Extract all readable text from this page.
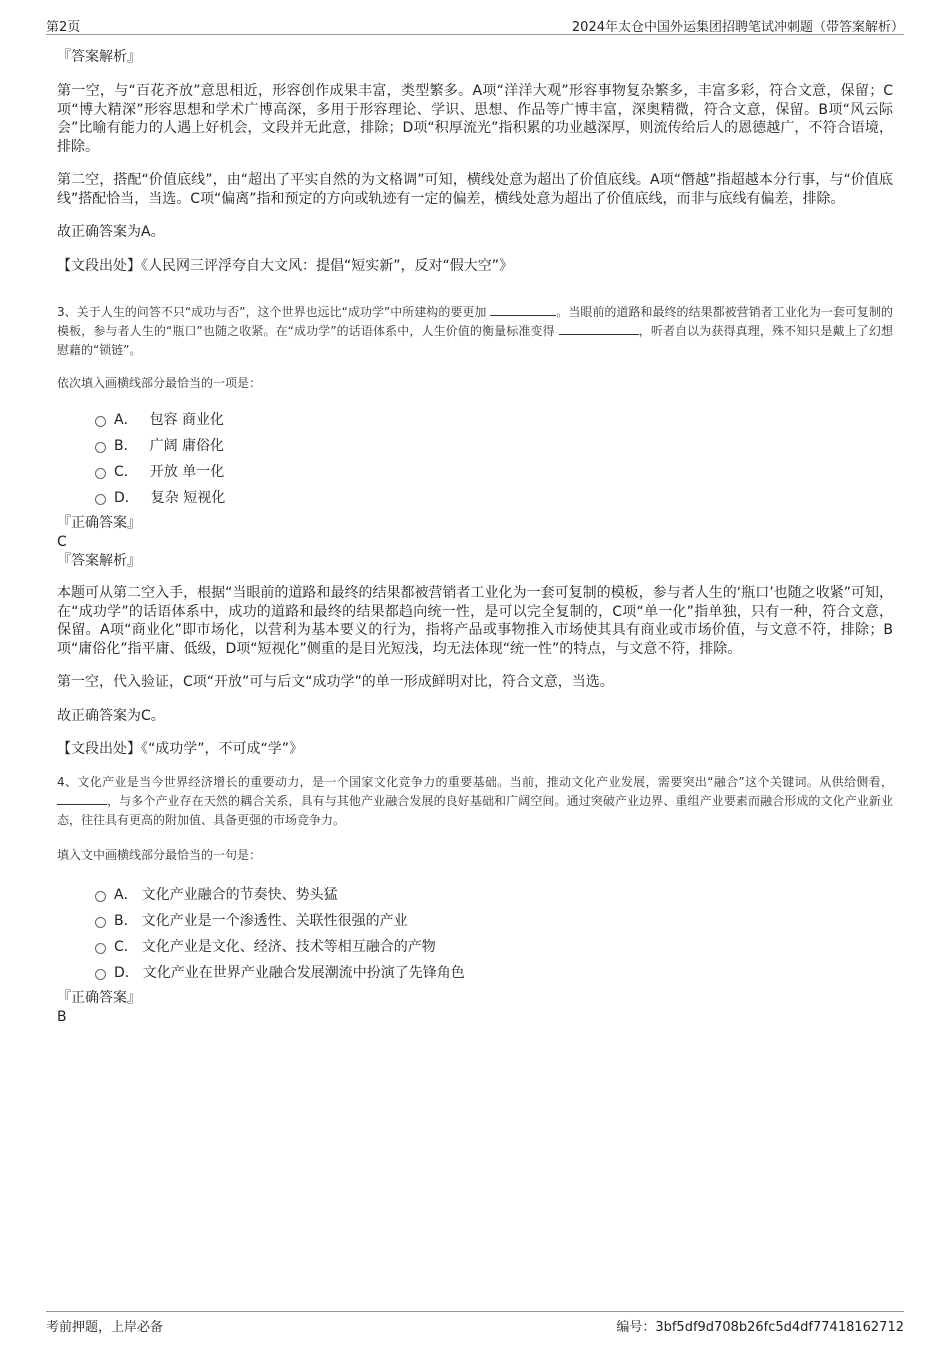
第2页	2024年太仓中国外运集团招聘笔试冲刺题（带答案解析）

『答案解析』

第一空，与“百花齐放”意思相近，形容创作成果丰富，类型繁多。A项“洋洋大观”形容事物复杂繁多，丰富多彩，符合文意，保留；C项“博大精深”形容思想和学术广博高深，多用于形容理论、学识、思想、作品等广博丰富，深奥精微，符合文意，保留。B项“风云际会”比喻有能力的人遇上好机会，文段并无此意，排除；D项“积厚流光”指积累的功业越深厚，则流传给后人的恩德越广，不符合语境，排除。

第二空，搭配“价值底线”，由“超出了平实自然的为文格调”可知，横线处意为超出了价值底线。A项“僭越”指超越本分行事，与“价值底线”搭配恰当，当选。C项“偏离”指和预定的方向或轨迹有一定的偏差，横线处意为超出了价值底线，而非与底线有偏差，排除。

故正确答案为A。

【文段出处】《人民网三评浮夸自大文风：提倡“短实新”，反对“假大空”》

3、关于人生的问答不只“成功与否”，这个世界也远比“成功学”中所建构的要更加	。当眼前的道路和最终的结果都被营销者工业化为一套可复制的模板，参与者人生的“瓶口”也随之收紧。在“成功学”的话语体系中，人生价值的衡量标准变得	，听者自以为获得真理，殊不知只是戴上了幻想慰藉的“锁链”。

依次填入画横线部分最恰当的一项是：

A． 包容 商业化
B． 广阔 庸俗化
C． 开放 单一化
D． 复杂 短视化

『正确答案』

C

『答案解析』

本题可从第二空入手，根据“当眼前的道路和最终的结果都被营销者工业化为一套可复制的模板，参与者人生的‘瓶口’也随之收紧”可知，在“成功学”的话语体系中，成功的道路和最终的结果都趋向统一性，是可以完全复制的，C项“单一化”指单独，只有一种，符合文意，保留。A项“商业化”即市场化，以营利为基本要义的行为，指将产品或事物推入市场使其具有商业或市场价值，与文意不符，排除；B项“庸俗化”指平庸、低级，D项“短视化”侧重的是目光短浅，均无法体现“统一性”的特点，与文意不符，排除。

第一空，代入验证，C项“开放”可与后文“成功学”的单一形成鲜明对比，符合文意，当选。

故正确答案为C。

【文段出处】《“成功学”，不可成“学”》

4、文化产业是当今世界经济增长的重要动力，是一个国家文化竞争力的重要基础。当前，推动文化产业发展，需要突出“融合”这个关键词。从供给侧看， ，与多个产业存在天然的耦合关系，具有与其他产业融合发展的良好基础和广阔空间。通过突破产业边界、重组产业要素而融合形成的文化产业新业态，往往具有更高的附加值、具备更强的市场竞争力。

填入文中画横线部分最恰当的一句是：

A． 文化产业融合的节奏快、势头猛
B． 文化产业是一个渗透性、关联性很强的产业
C． 文化产业是文化、经济、技术等相互融合的产物
D． 文化产业在世界产业融合发展潮流中扮演了先锋角色

『正确答案』

B

考前押题，上岸必备	编号：3bf5df9d708b26fc5d4df77418162712
